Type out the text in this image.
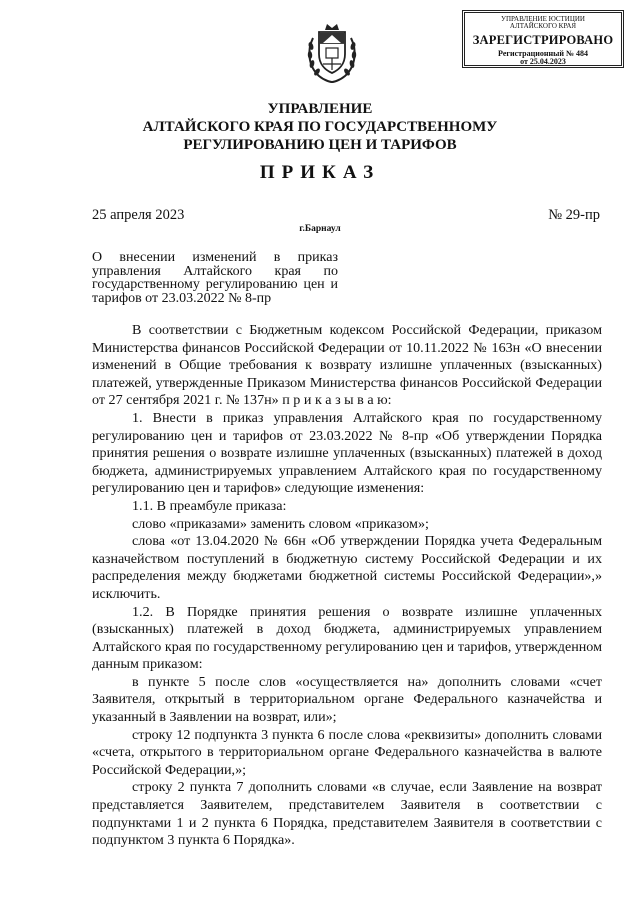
УПРАВЛЕНИЕ ЮСТИЦИИ
АЛТАЙСКОГО КРАЯ
ЗАРЕГИСТРИРОВАНО
Регистрационный № 484
от 25.04.2023
УПРАВЛЕНИЕ
АЛТАЙСКОГО КРАЯ ПО ГОСУДАРСТВЕННОМУ
РЕГУЛИРОВАНИЮ ЦЕН И ТАРИФОВ
ПРИКАЗ
25 апреля 2023	№ 29-пр
г.Барнаул
О внесении изменений в приказ управления Алтайского края по государственному регулированию цен и тарифов от 23.03.2022 № 8-пр

В соответствии с Бюджетным кодексом Российской Федерации, приказом Министерства финансов Российской Федерации от 10.11.2022 № 163н «О внесении изменений в Общие требования к возврату излишне уплаченных (взысканных) платежей, утвержденные Приказом Министерства финансов Российской Федерации от 27 сентября 2021 г. № 137н» п р и к а з ы в а ю:

1. Внести в приказ управления Алтайского края по государственному регулированию цен и тарифов от 23.03.2022 № 8-пр «Об утверждении Порядка принятия решения о возврате излишне уплаченных (взысканных) платежей в доход бюджета, администрируемых управлением Алтайского края по государственному регулированию цен и тарифов» следующие изменения:

1.1. В преамбуле приказа:

слово «приказами» заменить словом «приказом»;

слова «от 13.04.2020 № 66н «Об утверждении Порядка учета Федеральным казначейством поступлений в бюджетную систему Российской Федерации и их распределения между бюджетами бюджетной системы Российской Федерации»,» исключить.

1.2. В Порядке принятия решения о возврате излишне уплаченных (взысканных) платежей в доход бюджета, администрируемых управлением Алтайского края по государственному регулированию цен и тарифов, утвержденном данным приказом:

в пункте 5 после слов «осуществляется на» дополнить словами «счет Заявителя, открытый в территориальном органе Федерального казначейства и указанный в Заявлении на возврат, или»;

строку 12 подпункта 3 пункта 6 после слова «реквизиты» дополнить словами «счета, открытого в территориальном органе Федерального казначейства в валюте Российской Федерации,»;

строку 2 пункта 7 дополнить словами «в случае, если Заявление на возврат представляется Заявителем, представителем Заявителя в соответствии с подпунктами 1 и 2 пункта 6 Порядка, представителем Заявителя в соответствии с подпунктом 3 пункта 6 Порядка».
